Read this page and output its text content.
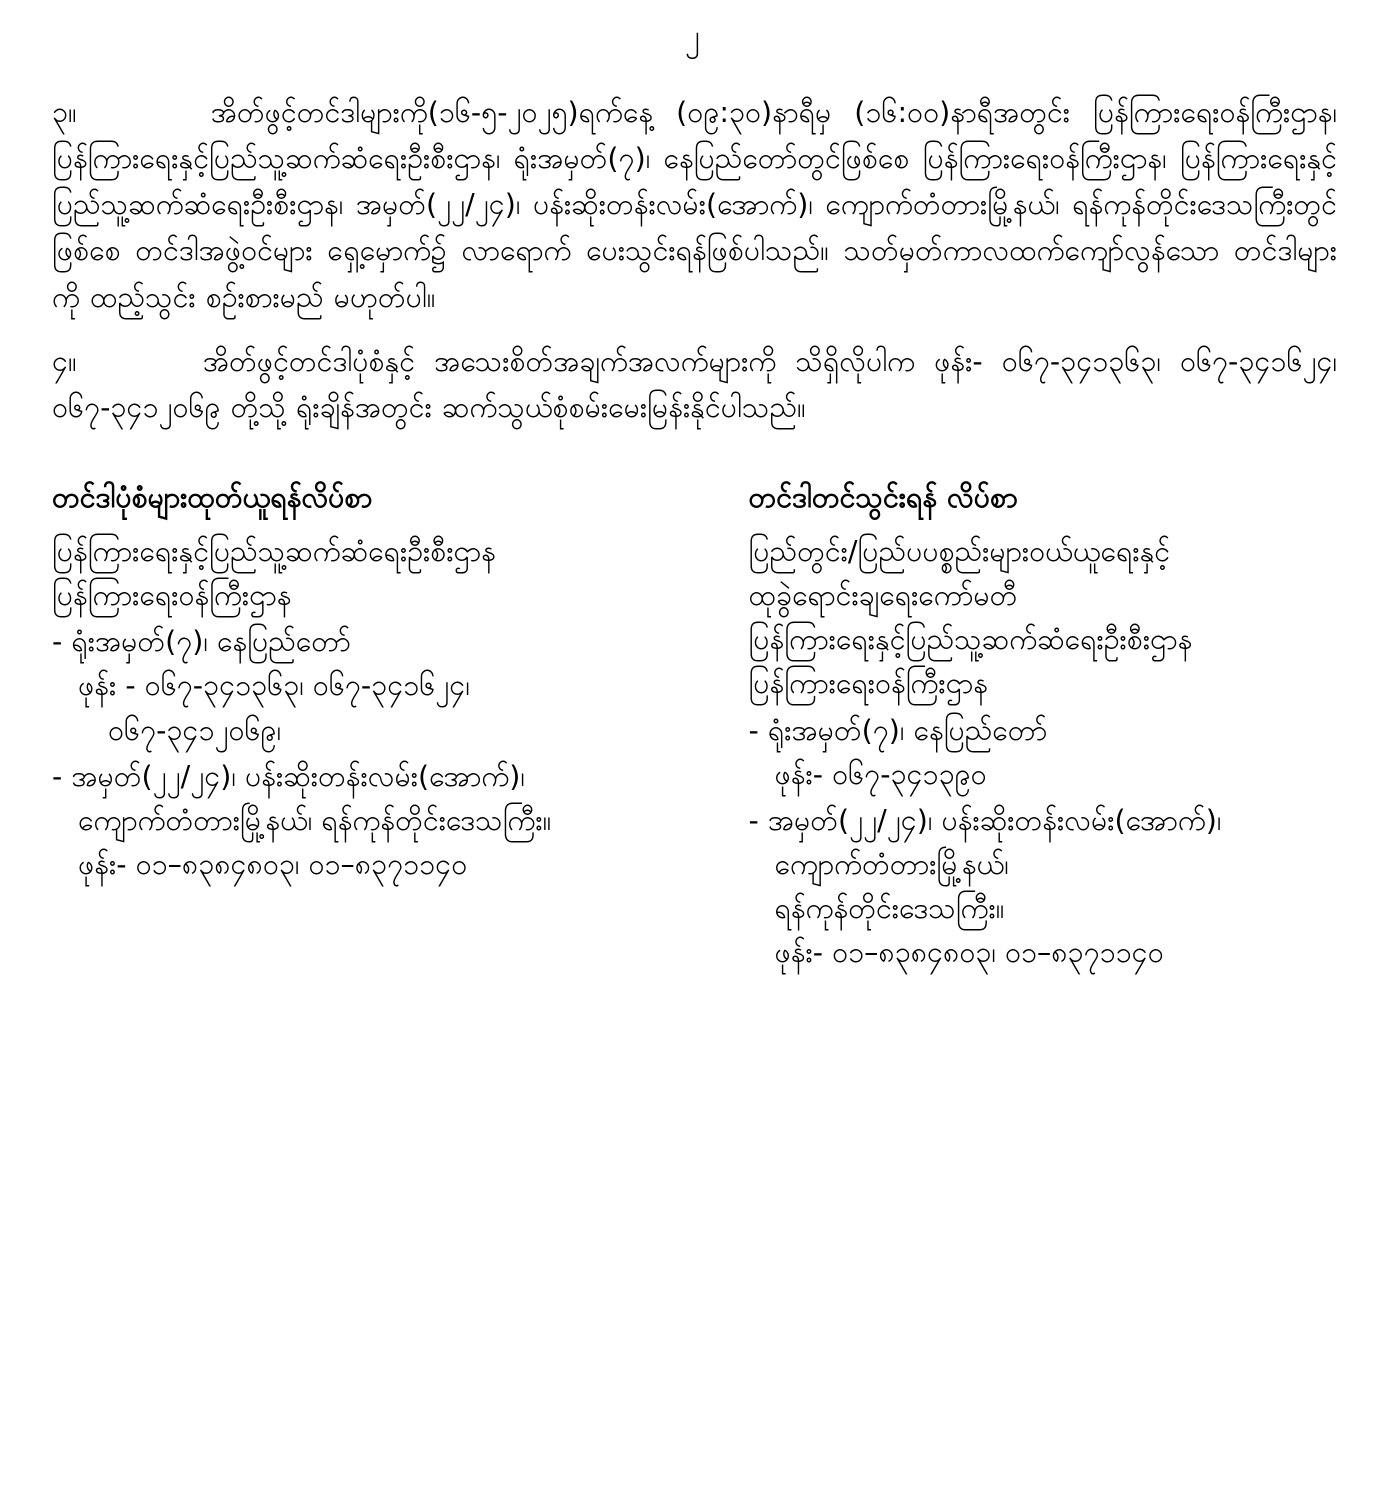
၂

၃။	အိတ်ဖွင့်တင်ဒါများကို(၁၆-၅-၂၀၂၅)ရက်နေ့ (၀၉:၃၀)နာရီမှ (၁၆:၀၀)နာရီအတွင်း ပြန်ကြားရေးဝန်ကြီးဌာန၊ ပြန်ကြားရေးနှင့်ပြည်သူ့ဆက်ဆံရေးဦးစီးဌာန၊ ရုံးအမှတ်(၇)၊ နေပြည်တော်တွင်ဖြစ်စေ ပြန်ကြားရေးဝန်ကြီးဌာန၊ ပြန်ကြားရေးနှင့်ပြည်သူ့ဆက်ဆံရေးဦးစီးဌာန၊ အမှတ်(၂၂/၂၄)၊ ပန်းဆိုးတန်းလမ်း(အောက်)၊ ကျောက်တံတားမြို့နယ်၊ ရန်ကုန်တိုင်းဒေသကြီးတွင်ဖြစ်စေ တင်ဒါအဖွဲ့ဝင်များ ရှေ့မှောက်၌ လာရောက် ပေးသွင်းရန်ဖြစ်ပါသည်။ သတ်မှတ်ကာလထက်ကျော်လွန်သော တင်ဒါများကို ထည့်သွင်း စဉ်းစားမည် မဟုတ်ပါ။

၄။	အိတ်ဖွင့်တင်ဒါပုံစံနှင့် အသေးစိတ်အချက်အလက်များကို သိရှိလိုပါက ဖုန်း- ၀၆၇-၃၄၁၃၆၃၊ ၀၆၇-၃၄၁၆၂၄၊ ၀၆၇-၃၄၁၂၀၆၉ တို့သို့ ရုံးချိန်အတွင်း ဆက်သွယ်စုံစမ်းမေးမြန်းနိုင်ပါသည်။

တင်ဒါပုံစံများထုတ်ယူရန်လိပ်စာ
ပြန်ကြားရေးနှင့်ပြည်သူ့ဆက်ဆံရေးဦးစီးဌာန
ပြန်ကြားရေးဝန်ကြီးဌာန
- ရုံးအမှတ်(၇)၊ နေပြည်တော်
ဖုန်း - ၀၆၇-၃၄၁၃၆၃၊ ၀၆၇-၃၄၁၆၂၄၊
၀၆၇-၃၄၁၂၀၆၉၊
- အမှတ်(၂၂/၂၄)၊ ပန်းဆိုးတန်းလမ်း(အောက်)၊
ကျောက်တံတားမြို့နယ်၊ ရန်ကုန်တိုင်းဒေသကြီး။
ဖုန်း- ၀၁–၈၃၈၄၈၀၃၊ ၀၁–၈၃၇၁၁၄၀
တင်ဒါတင်သွင်းရန် လိပ်စာ
ပြည်တွင်း/ပြည်ပပစ္စည်းများဝယ်ယူရေးနှင့်
ထုခွဲရောင်းချရေးကော်မတီ
ပြန်ကြားရေးနှင့်ပြည်သူ့ဆက်ဆံရေးဦးစီးဌာန
ပြန်ကြားရေးဝန်ကြီးဌာန
- ရုံးအမှတ်(၇)၊ နေပြည်တော်
ဖုန်း- ၀၆၇-၃၄၁၃၉၀
- အမှတ်(၂၂/၂၄)၊ ပန်းဆိုးတန်းလမ်း(အောက်)၊
ကျောက်တံတားမြို့နယ်၊
ရန်ကုန်တိုင်းဒေသကြီး။
ဖုန်း- ၀၁–၈၃၈၄၈၀၃၊ ၀၁–၈၃၇၁၁၄၀
